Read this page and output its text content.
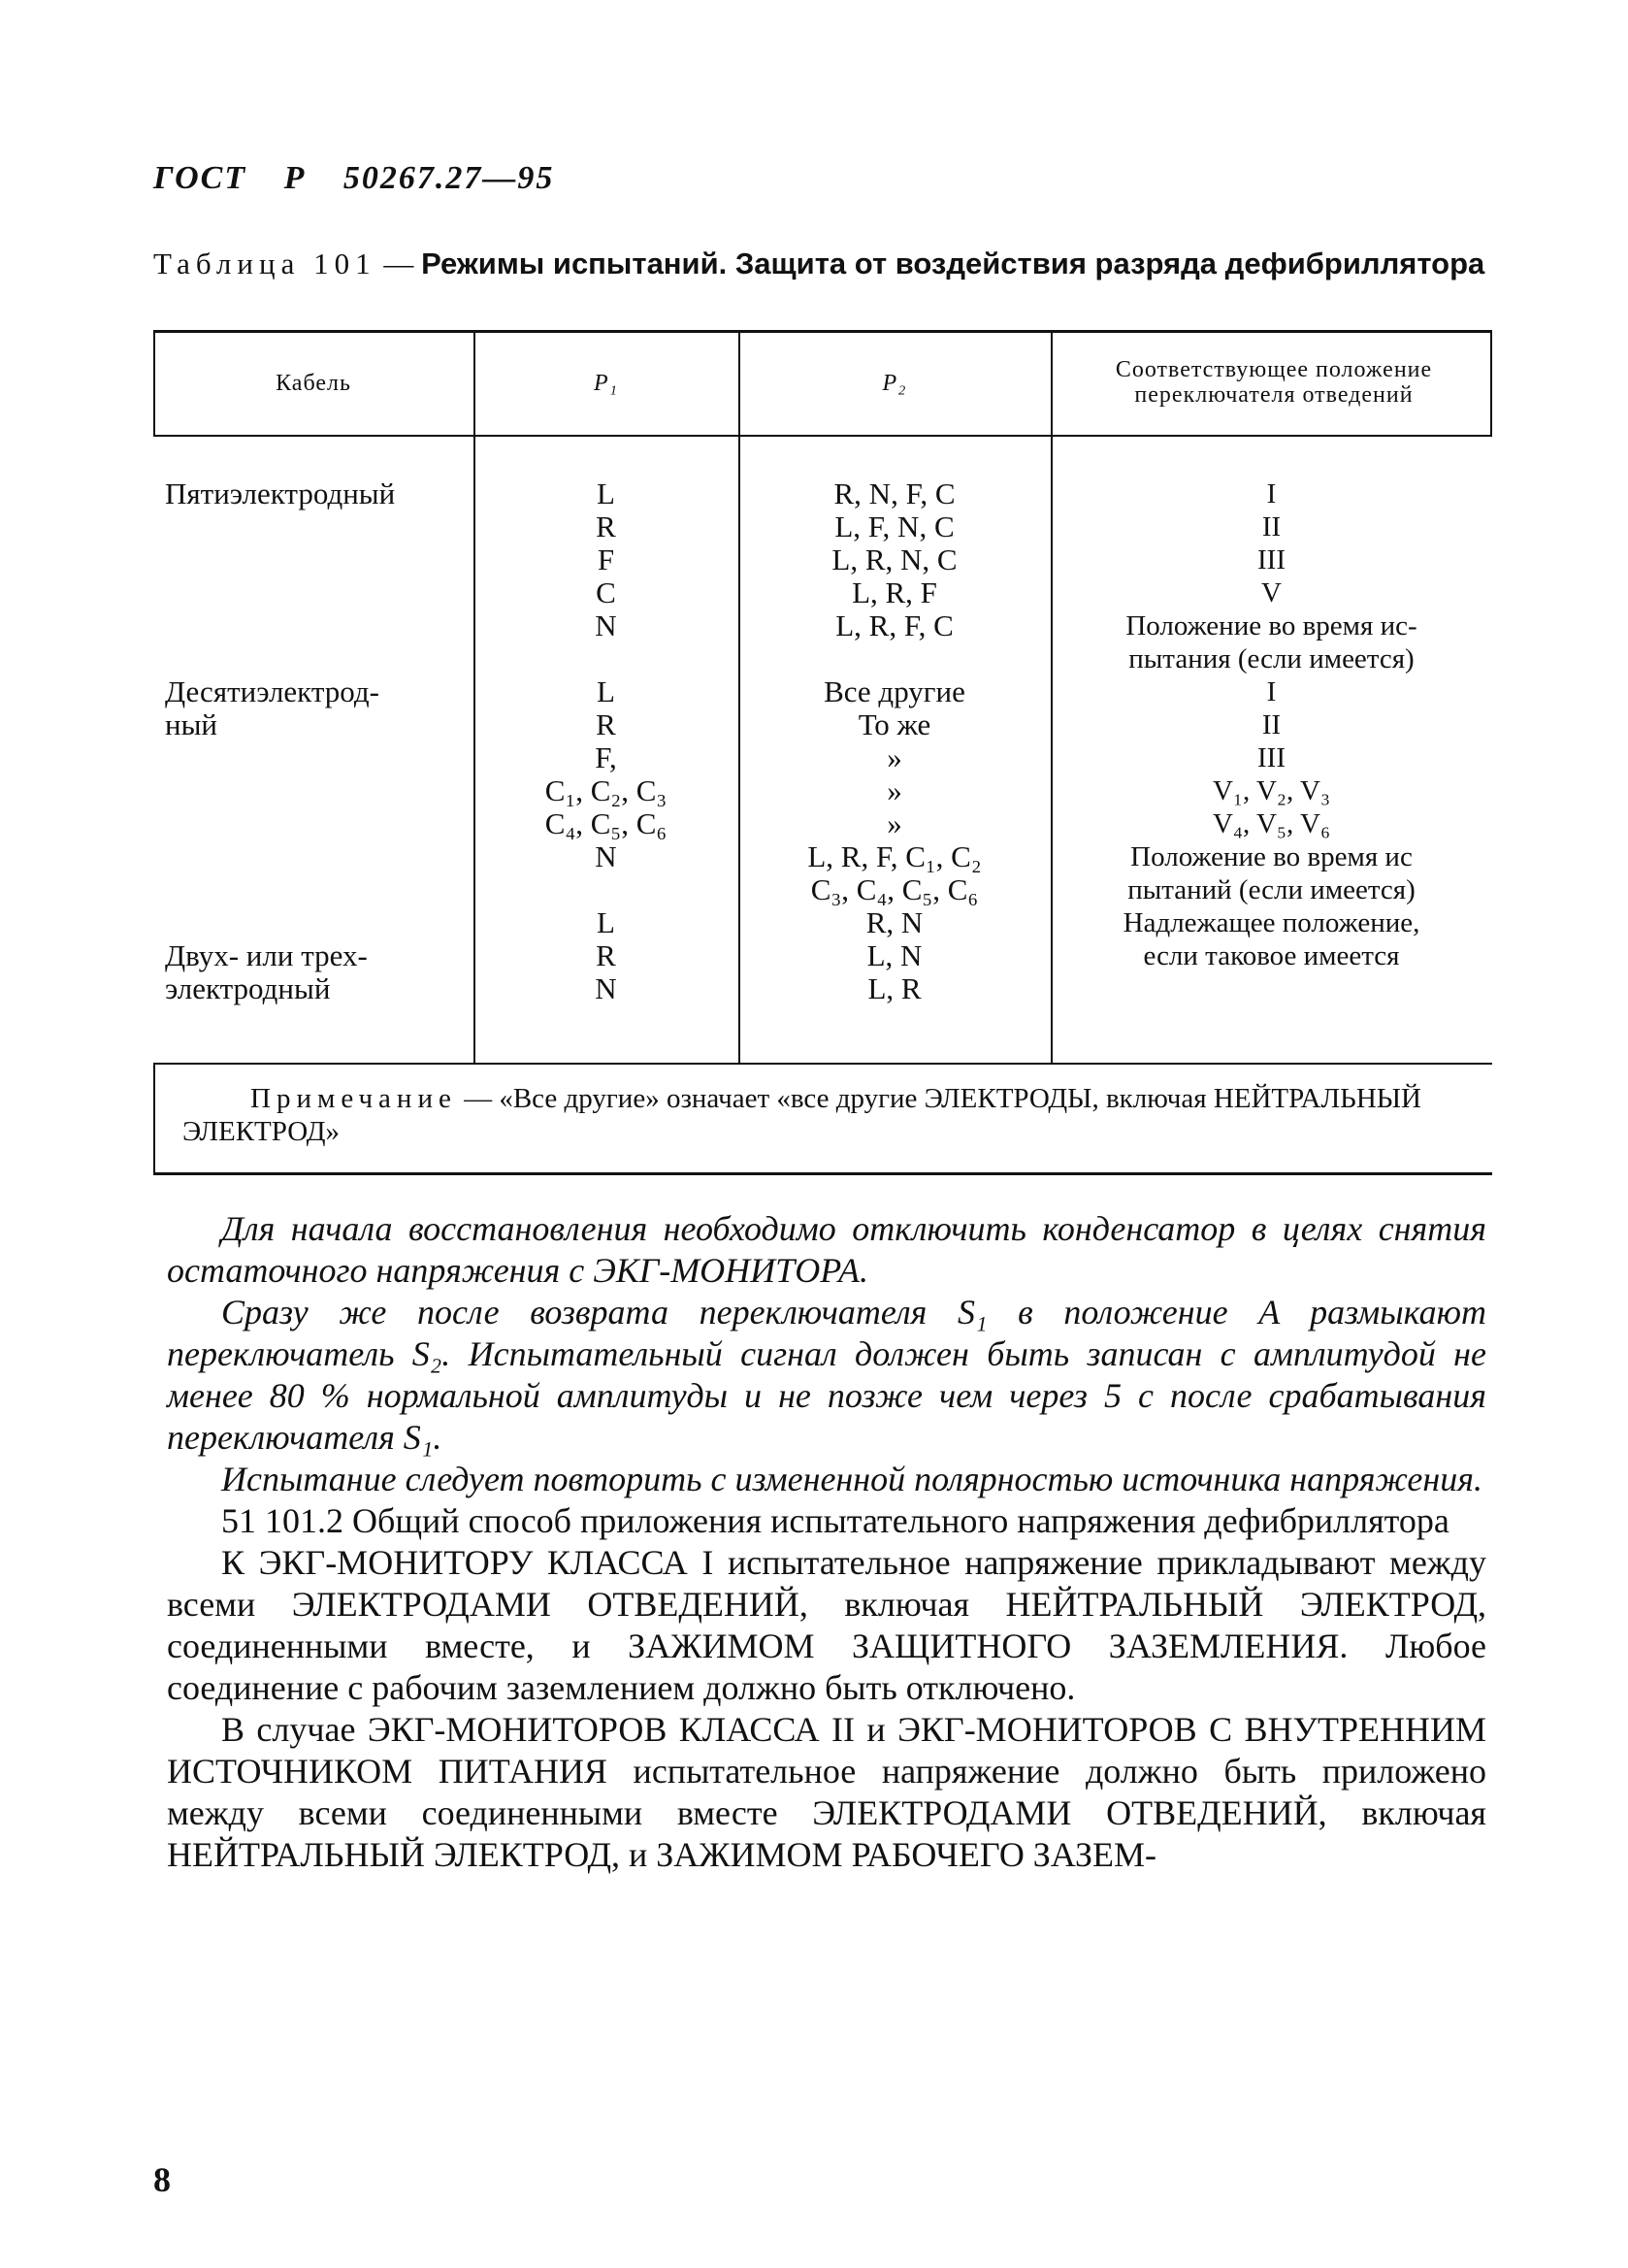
ГОСТ Р 50267.27—95
Таблица 101 — Режимы испытаний. Защита от воздействия разряда дефибриллятора
Кабель	P₁	P₂
Соответствующее положение переключателя отведений
Пятиэлектродный
Десятиэлектрод-
ный
Двух- или трех-
электродный
L
R
F
C
N
L
R
F,
C₁, C₂, C₃
C₄, C₅, C₆
N
L
R
N
R, N, F, C
L, F, N, C
L, R, N, C
L, R, F
L, R, F, C
Все другие
То же
»
»
»
L, R, F, C₁, C₂
C₃, C₄, C₅, C₆
R, N
L, N
L, R
I
II
III
V
Положение во время ис-
пытания (если имеется)
I
II
III
V₁, V₂, V₃
V₄, V₅, V₆
Положение во время ис
пытаний (если имеется)
Надлежащее положение,
если таковое имеется
Примечание — «Все другие» означает «все другие ЭЛЕКТРОДЫ, включая НЕЙТРАЛЬНЫЙ ЭЛЕКТРОД»

Для начала восстановления необходимо отключить конденсатор в целях снятия остаточного напряжения с ЭКГ-МОНИТОРА.

Сразу же после возврата переключателя S₁ в положение A размыкают переключатель S₂. Испытательный сигнал должен быть записан с амплитудой не менее 80 % нормальной амплитуды и не позже чем через 5 с после срабатывания переключателя S₁.

Испытание следует повторить с измененной полярностью источника напряжения.

51 101.2 Общий способ приложения испытательного напряжения дефибриллятора

К ЭКГ-МОНИТОРУ КЛАССА I испытательное напряжение прикладывают между всеми ЭЛЕКТРОДАМИ ОТВЕДЕНИЙ, включая НЕЙТРАЛЬНЫЙ ЭЛЕКТРОД, соединенными вместе, и ЗАЖИМОМ ЗАЩИТНОГО ЗАЗЕМЛЕНИЯ. Любое соединение с рабочим заземлением должно быть отключено.

В случае ЭКГ-МОНИТОРОВ КЛАССА II и ЭКГ-МОНИТОРОВ С ВНУТРЕННИМ ИСТОЧНИКОМ ПИТАНИЯ испытательное напряжение должно быть приложено между всеми соединенными вместе ЭЛЕКТРОДАМИ ОТВЕДЕНИЙ, включая НЕЙТРАЛЬНЫЙ ЭЛЕКТРОД, и ЗАЖИМОМ РАБОЧЕГО ЗАЗЕМ-

8
